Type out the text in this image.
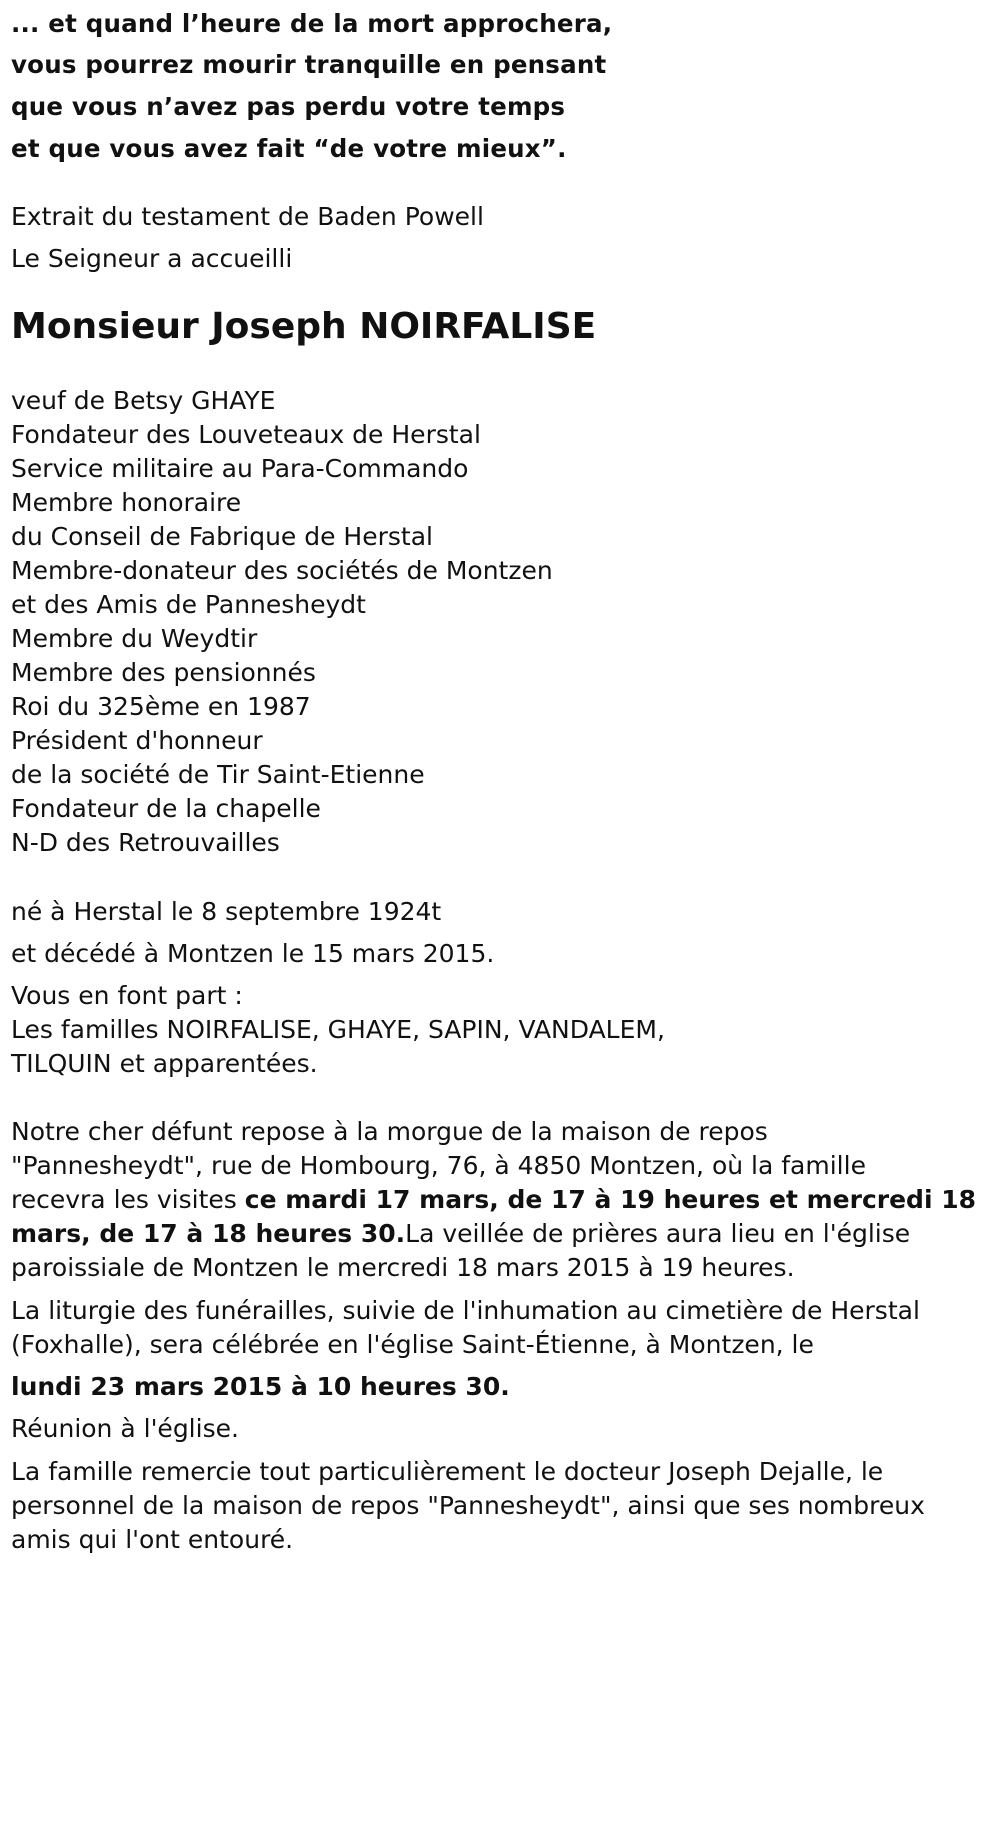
... et quand l’heure de la mort approchera,
vous pourrez mourir tranquille en pensant
que vous n’avez pas perdu votre temps
et que vous avez fait “de votre mieux”.
Extrait du testament de Baden Powell
Le Seigneur a accueilli
Monsieur Joseph NOIRFALISE
veuf de Betsy GHAYE
Fondateur des Louveteaux de Herstal
Service militaire au Para-Commando
Membre honoraire
du Conseil de Fabrique de Herstal
Membre-donateur des sociétés de Montzen
et des Amis de Pannesheydt
Membre du Weydtir
Membre des pensionnés
Roi du 325ème en 1987
Président d'honneur
de la société de Tir Saint-Etienne
Fondateur de la chapelle
N-D des Retrouvailles
né à Herstal le 8 septembre 1924t
et décédé à Montzen le 15 mars 2015.
Vous en font part :
Les familles NOIRFALISE, GHAYE, SAPIN, VANDALEM,
TILQUIN et apparentées.
Notre cher défunt repose à la morgue de la maison de repos
"Pannesheydt", rue de Hombourg, 76, à 4850 Montzen, où la famille
recevra les visites ce mardi 17 mars, de 17 à 19 heures et mercredi 18
mars, de 17 à 18 heures 30.La veillée de prières aura lieu en l'église
paroissiale de Montzen le mercredi 18 mars 2015 à 19 heures.
La liturgie des funérailles, suivie de l'inhumation au cimetière de Herstal
(Foxhalle), sera célébrée en l'église Saint-Étienne, à Montzen, le
lundi 23 mars 2015 à 10 heures 30.
Réunion à l'église.
La famille remercie tout particulièrement le docteur Joseph Dejalle, le
personnel de la maison de repos "Pannesheydt", ainsi que ses nombreux
amis qui l'ont entouré.
